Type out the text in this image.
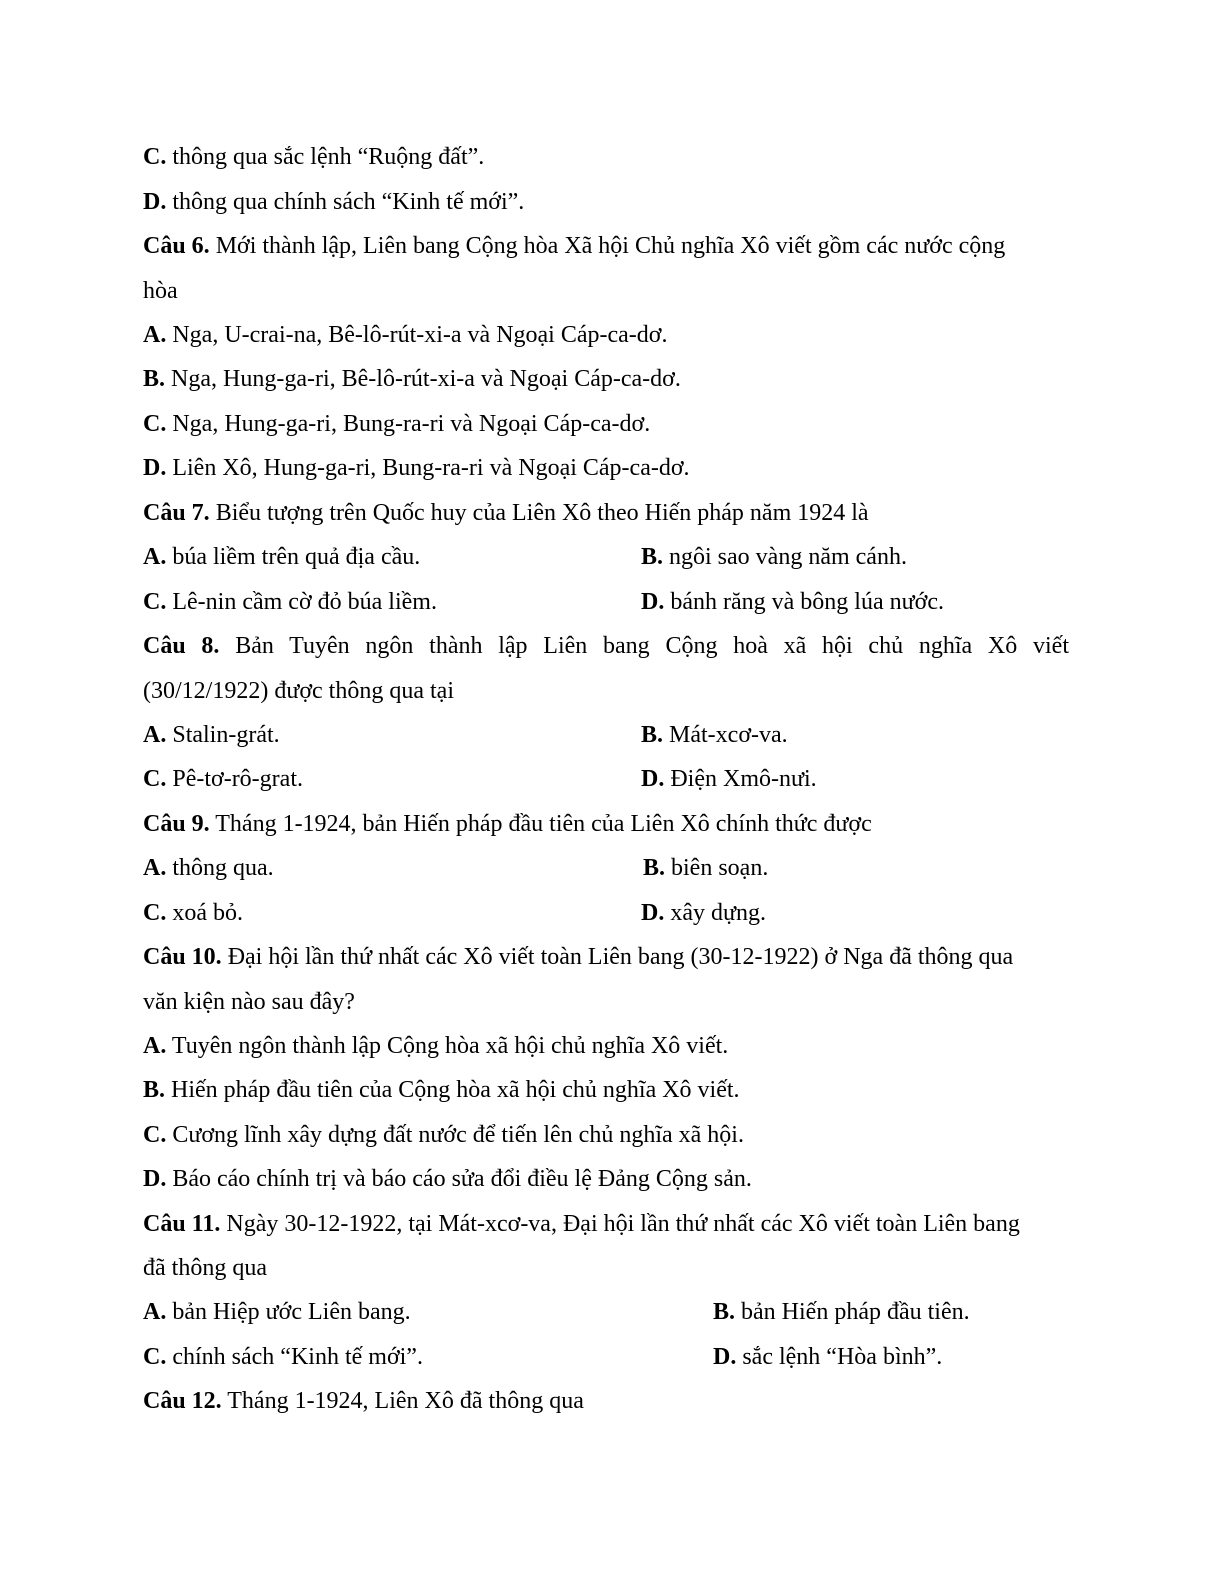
C. thông qua sắc lệnh “Ruộng đất”.
D. thông qua chính sách “Kinh tế mới”.
Câu 6. Mới thành lập, Liên bang Cộng hòa Xã hội Chủ nghĩa Xô viết gồm các nước cộng
hòa
A. Nga, U-crai-na, Bê-lô-rút-xi-a và Ngoại Cáp-ca-dơ.
B. Nga, Hung-ga-ri, Bê-lô-rút-xi-a và Ngoại Cáp-ca-dơ.
C. Nga, Hung-ga-ri, Bung-ra-ri và Ngoại Cáp-ca-dơ.
D. Liên Xô, Hung-ga-ri, Bung-ra-ri và Ngoại Cáp-ca-dơ.
Câu 7. Biểu tượng trên Quốc huy của Liên Xô theo Hiến pháp năm 1924 là
A. búa liềm trên quả địa cầu.	B. ngôi sao vàng năm cánh.
C. Lê-nin cầm cờ đỏ búa liềm.	D. bánh răng và bông lúa nước.
Câu 8. Bản Tuyên ngôn thành lập Liên bang Cộng hoà xã hội chủ nghĩa Xô viết
(30/12/1922) được thông qua tại
A. Stalin-grát.	B. Mát-xcơ-va.
C. Pê-tơ-rô-grat.	D. Điện Xmô-nưi.
Câu 9. Tháng 1-1924, bản Hiến pháp đầu tiên của Liên Xô chính thức được
A. thông qua.	B. biên soạn.
C. xoá bỏ.	D. xây dựng.
Câu 10. Đại hội lần thứ nhất các Xô viết toàn Liên bang (30-12-1922) ở Nga đã thông qua
văn kiện nào sau đây?
A. Tuyên ngôn thành lập Cộng hòa xã hội chủ nghĩa Xô viết.
B. Hiến pháp đầu tiên của Cộng hòa xã hội chủ nghĩa Xô viết.
C. Cương lĩnh xây dựng đất nước để tiến lên chủ nghĩa xã hội.
D. Báo cáo chính trị và báo cáo sửa đổi điều lệ Đảng Cộng sản.
Câu 11. Ngày 30-12-1922, tại Mát-xcơ-va, Đại hội lần thứ nhất các Xô viết toàn Liên bang
đã thông qua
A. bản Hiệp ước Liên bang.	B. bản Hiến pháp đầu tiên.
C. chính sách “Kinh tế mới”.	D. sắc lệnh “Hòa bình”.
Câu 12. Tháng 1-1924, Liên Xô đã thông qua
